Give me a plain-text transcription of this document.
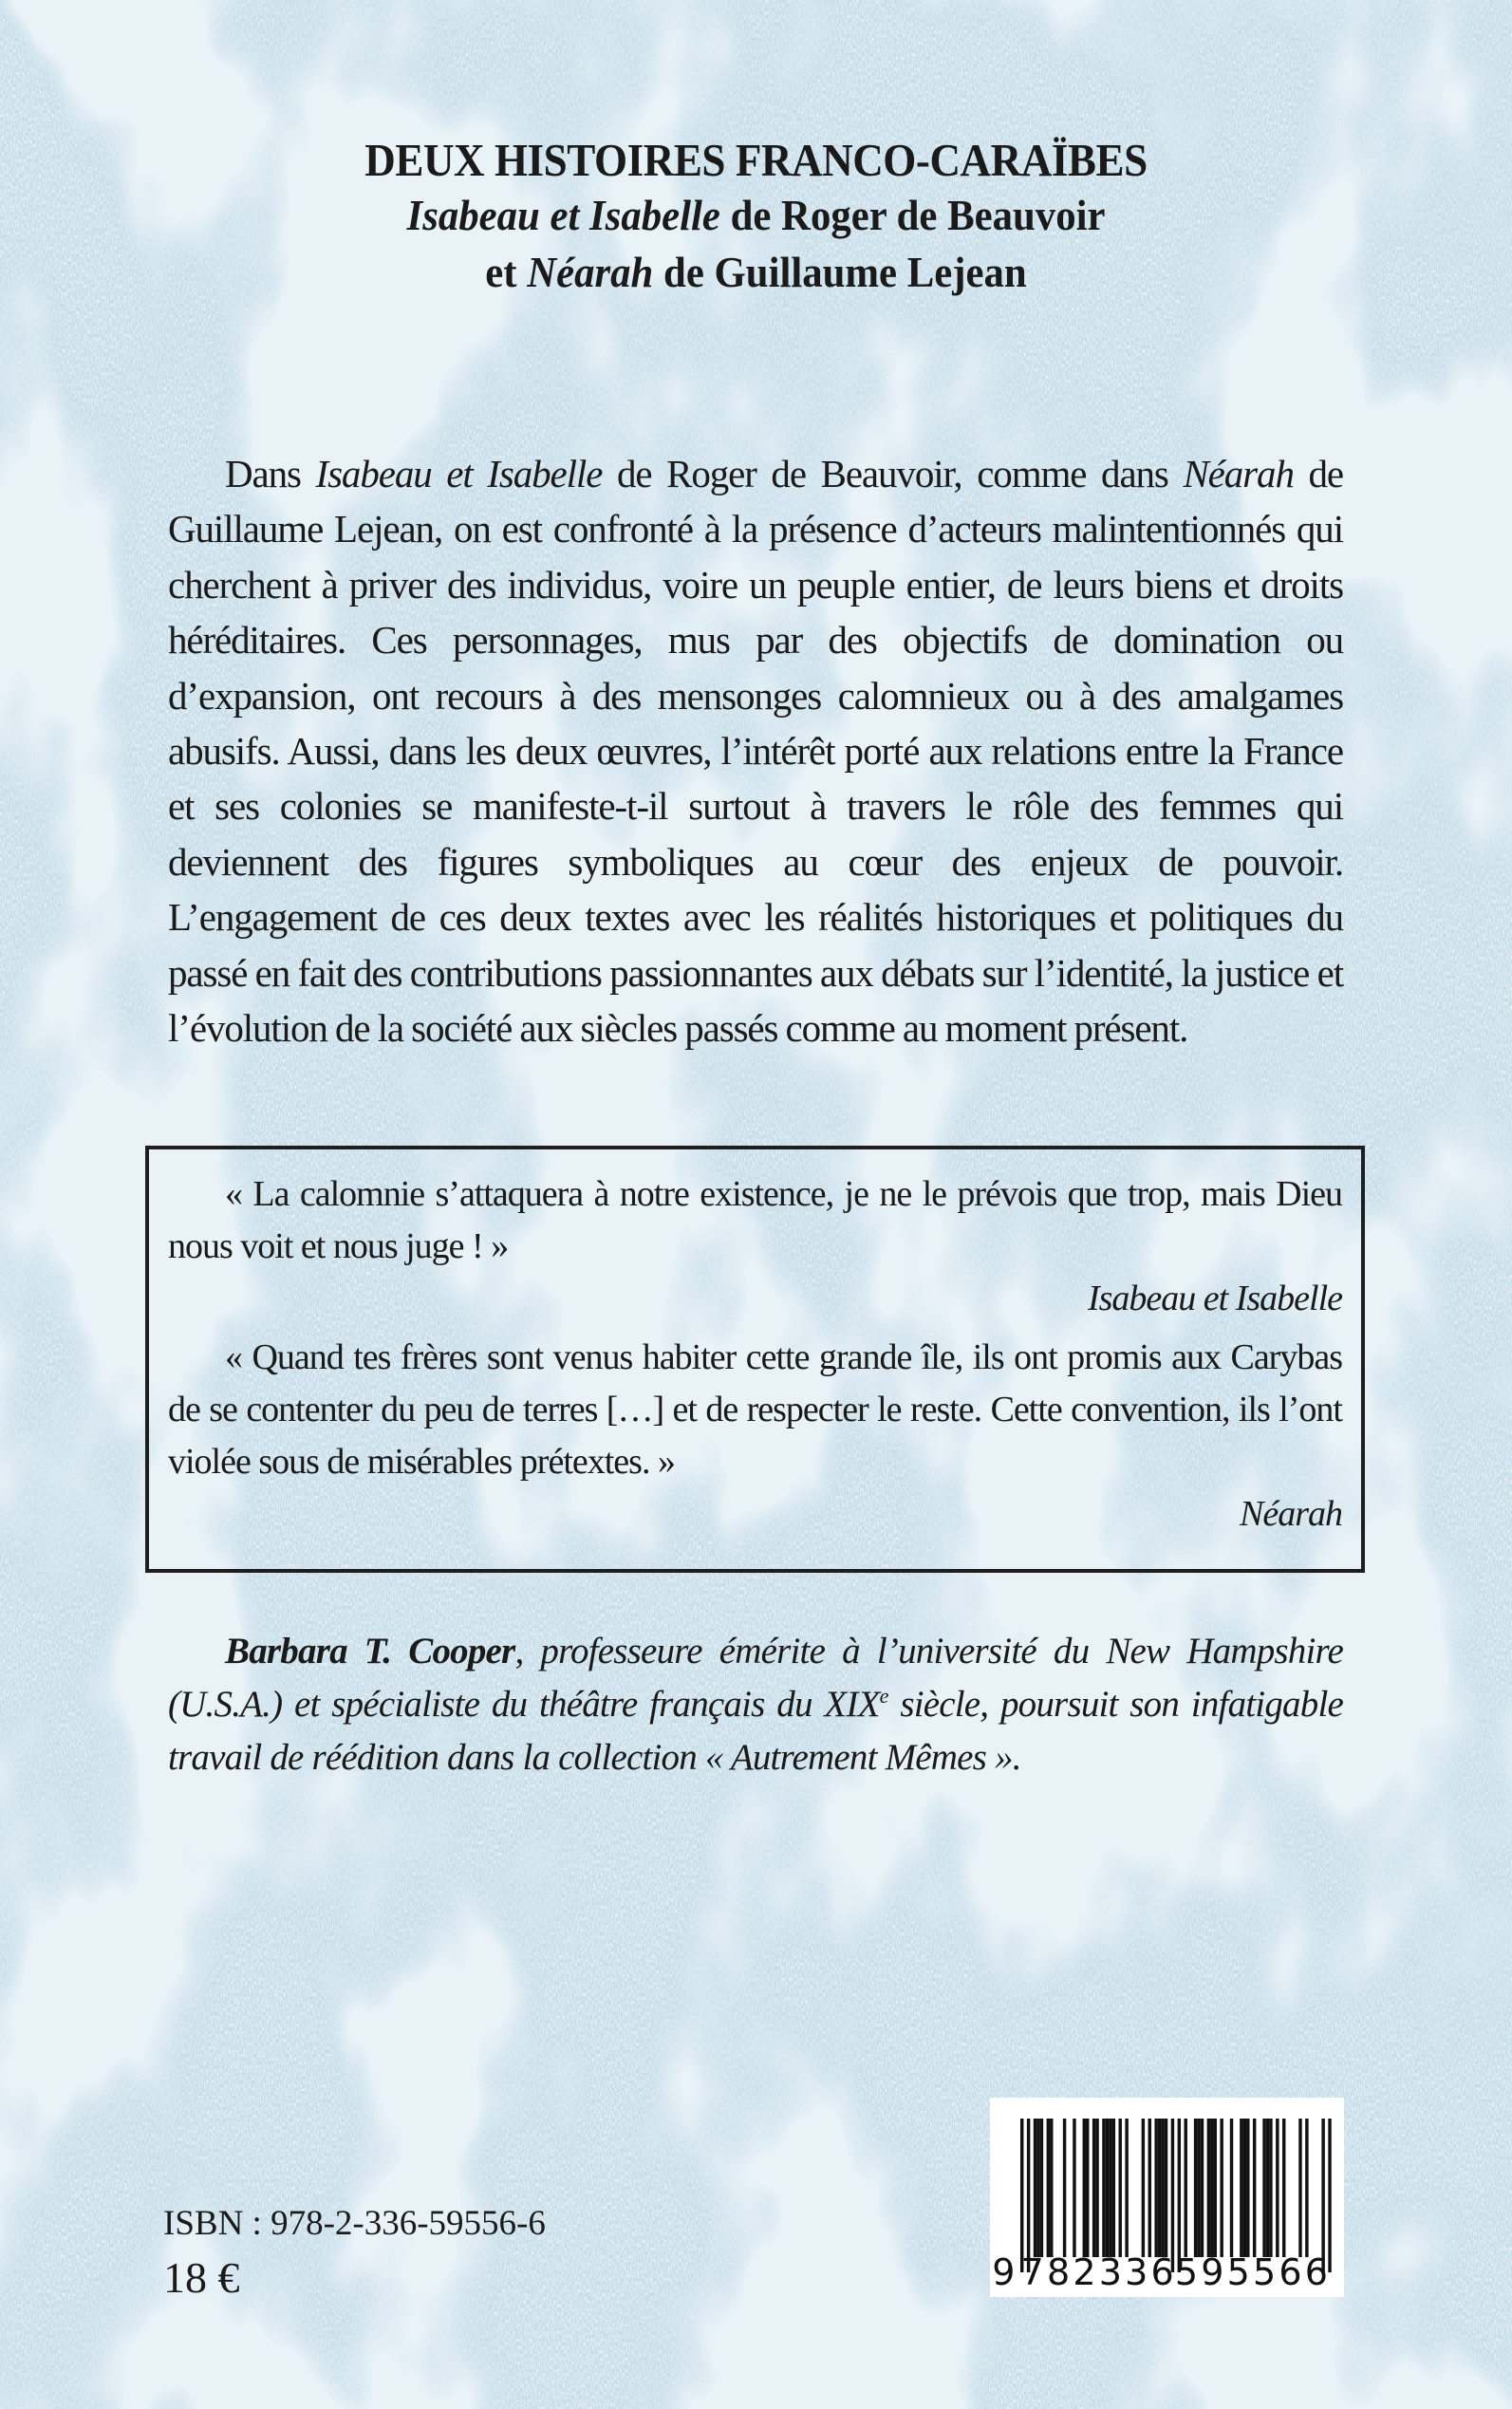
DEUX HISTOIRES FRANCO-CARAÏBES
Isabeau et Isabelle de Roger de Beauvoir
et Néarah de Guillaume Lejean
Dans Isabeau et Isabelle de Roger de Beauvoir, comme dans Néarah de Guillaume Lejean, on est confronté à la présence d’acteurs malintentionnés qui cherchent à priver des individus, voire un peuple entier, de leurs biens et droits héréditaires. Ces personnages, mus par des objectifs de domination ou d’expansion, ont recours à des mensonges calomnieux ou à des amalgames abusifs. Aussi, dans les deux œuvres, l’intérêt porté aux relations entre la France et ses colonies se manifeste-t-il surtout à travers le rôle des femmes qui deviennent des figures symboliques au cœur des enjeux de pouvoir. L’engagement de ces deux textes avec les réalités historiques et politiques du passé en fait des contributions passionnantes aux débats sur l’identité, la justice et l’évolution de la société aux siècles passés comme au moment présent.

« La calomnie s’attaquera à notre existence, je ne le prévois que trop, mais Dieu nous voit et nous juge ! »

Isabeau et Isabelle

« Quand tes frères sont venus habiter cette grande île, ils ont promis aux Carybas de se contenter du peu de terres […] et de respecter le reste. Cette convention, ils l’ont violée sous de misérables prétextes. »

Néarah

Barbara T. Cooper, professeure émérite à l’université du New Hampshire (U.S.A.) et spécialiste du théâtre français du XIXe siècle, poursuit son infatigable travail de réédition dans la collection « Autrement Mêmes ».
ISBN : 978-2-336-59556-6
18 €	9 782336
595566
